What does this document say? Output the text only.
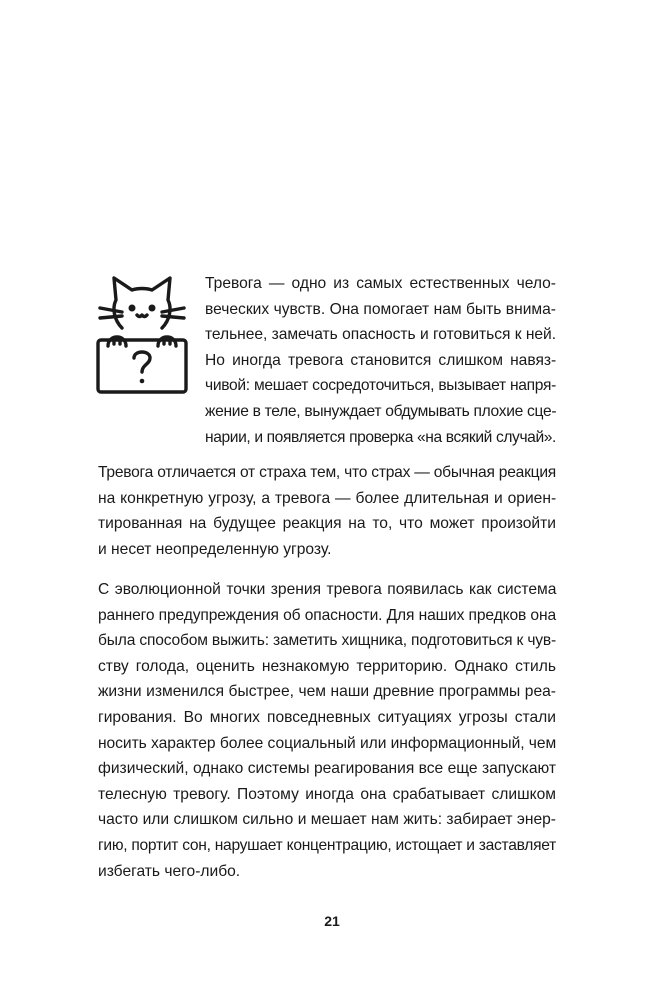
Тревога — одно из самых естественных чело-
веческих чувств. Она помогает нам быть внима-
тельнее, замечать опасность и готовиться к ней.
Но иногда тревога становится слишком навяз-
чивой: мешает сосредоточиться, вызывает напря-
жение в теле, вынуждает обдумывать плохие сце-
нарии, и появляется проверка «на всякий случай».

Тревога отличается от страха тем, что страх — обычная реакция
на конкретную угрозу, а тревога — более длительная и ориен-
тированная на будущее реакция на то, что может произойти
и несет неопределенную угрозу.

С эволюционной точки зрения тревога появилась как система
раннего предупреждения об опасности. Для наших предков она
была способом выжить: заметить хищника, подготовиться к чув-
ству голода, оценить незнакомую территорию. Однако стиль
жизни изменился быстрее, чем наши древние программы реа-
гирования. Во многих повседневных ситуациях угрозы стали
носить характер более социальный или информационный, чем
физический, однако системы реагирования все еще запускают
телесную тревогу. Поэтому иногда она срабатывает слишком
часто или слишком сильно и мешает нам жить: забирает энер-
гию, портит сон, нарушает концентрацию, истощает и заставляет
избегать чего-либо.

21
